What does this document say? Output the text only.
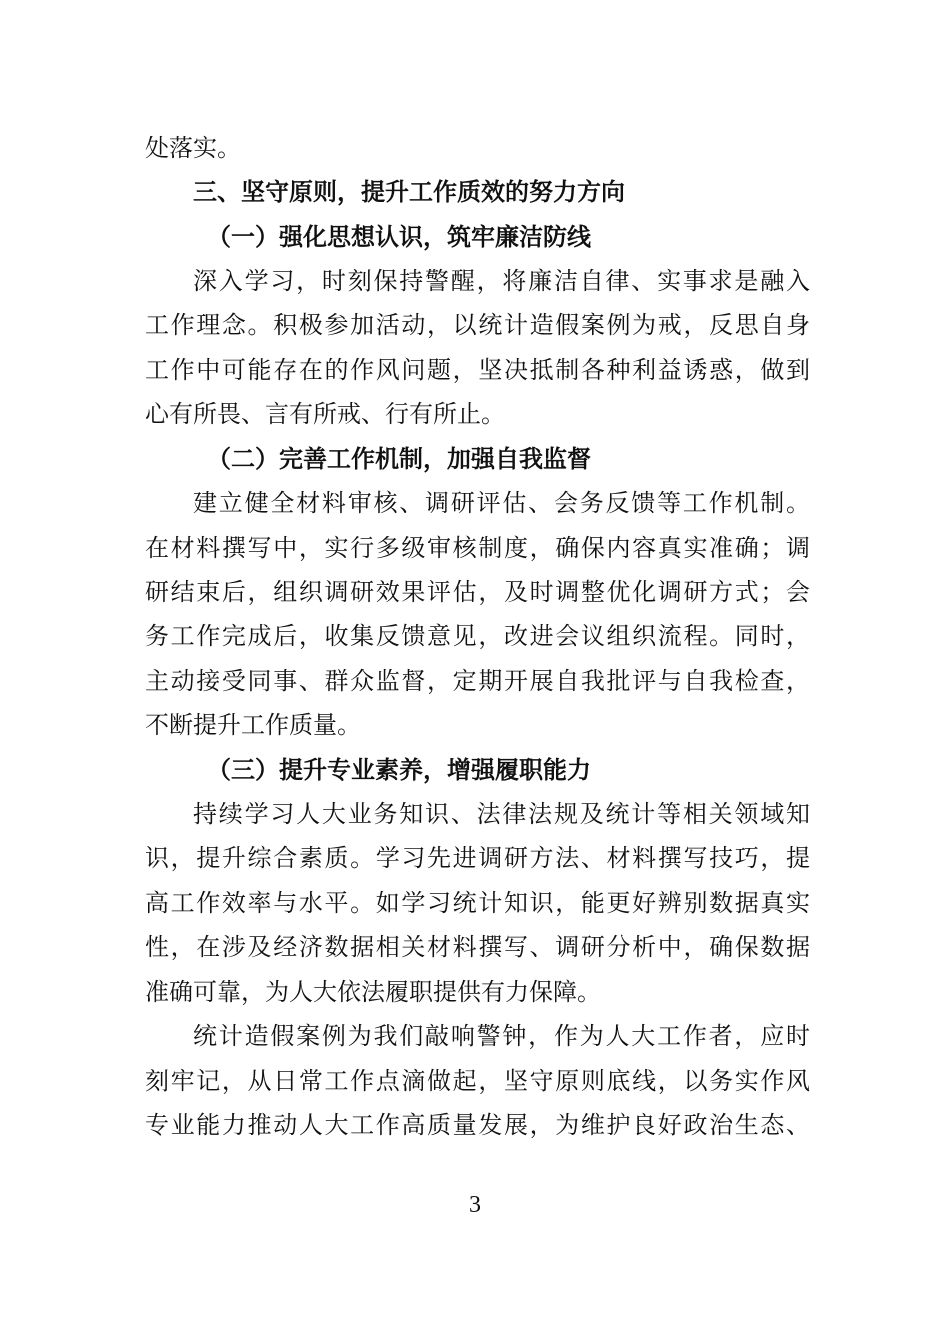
处落实。
三、坚守原则，提升工作质效的努力方向
（一）强化思想认识，筑牢廉洁防线
深入学习，时刻保持警醒，将廉洁自律、实事求是融入
工作理念。积极参加活动，以统计造假案例为戒，反思自身
工作中可能存在的作风问题，坚决抵制各种利益诱惑，做到
心有所畏、言有所戒、行有所止。
（二）完善工作机制，加强自我监督
建立健全材料审核、调研评估、会务反馈等工作机制。
在材料撰写中，实行多级审核制度，确保内容真实准确；调
研结束后，组织调研效果评估，及时调整优化调研方式；会
务工作完成后，收集反馈意见，改进会议组织流程。同时，
主动接受同事、群众监督，定期开展自我批评与自我检查，
不断提升工作质量。
（三）提升专业素养，增强履职能力
持续学习人大业务知识、法律法规及统计等相关领域知
识，提升综合素质。学习先进调研方法、材料撰写技巧，提
高工作效率与水平。如学习统计知识，能更好辨别数据真实
性，在涉及经济数据相关材料撰写、调研分析中，确保数据
准确可靠，为人大依法履职提供有力保障。
统计造假案例为我们敲响警钟，作为人大工作者，应时
刻牢记，从日常工作点滴做起，坚守原则底线，以务实作风
专业能力推动人大工作高质量发展，为维护良好政治生态、
3
